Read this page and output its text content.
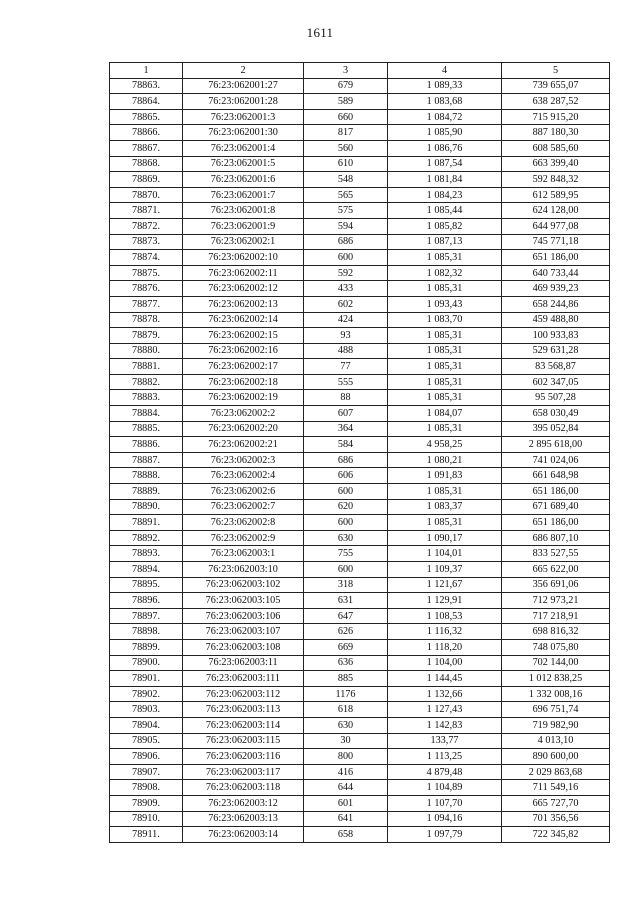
1611
1	2	3	4	5
78863.	76:23:062001:27	679	1 089,33	739 655,07
78864.	76:23:062001:28	589	1 083,68	638 287,52
78865.	76:23:062001:3	660	1 084,72	715 915,20
78866.	76:23:062001:30	817	1 085,90	887 180,30
78867.	76:23:062001:4	560	1 086,76	608 585,60
78868.	76:23:062001:5	610	1 087,54	663 399,40
78869.	76:23:062001:6	548	1 081,84	592 848,32
78870.	76:23:062001:7	565	1 084,23	612 589,95
78871.	76:23:062001:8	575	1 085,44	624 128,00
78872.	76:23:062001:9	594	1 085,82	644 977,08
78873.	76:23:062002:1	686	1 087,13	745 771,18
78874.	76:23:062002:10	600	1 085,31	651 186,00
78875.	76:23:062002:11	592	1 082,32	640 733,44
78876.	76:23:062002:12	433	1 085,31	469 939,23
78877.	76:23:062002:13	602	1 093,43	658 244,86
78878.	76:23:062002:14	424	1 083,70	459 488,80
78879.	76:23:062002:15	93	1 085,31	100 933,83
78880.	76:23:062002:16	488	1 085,31	529 631,28
78881.	76:23:062002:17	77	1 085,31	83 568,87
78882.	76:23:062002:18	555	1 085,31	602 347,05
78883.	76:23:062002:19	88	1 085,31	95 507,28
78884.	76:23:062002:2	607	1 084,07	658 030,49
78885.	76:23:062002:20	364	1 085,31	395 052,84
78886.	76:23:062002:21	584	4 958,25	2 895 618,00
78887.	76:23:062002:3	686	1 080,21	741 024,06
78888.	76:23:062002:4	606	1 091,83	661 648,98
78889.	76:23:062002:6	600	1 085,31	651 186,00
78890.	76:23:062002:7	620	1 083,37	671 689,40
78891.	76:23:062002:8	600	1 085,31	651 186,00
78892.	76:23:062002:9	630	1 090,17	686 807,10
78893.	76:23:062003:1	755	1 104,01	833 527,55
78894.	76:23:062003:10	600	1 109,37	665 622,00
78895.	76:23:062003:102	318	1 121,67	356 691,06
78896.	76:23:062003:105	631	1 129,91	712 973,21
78897.	76:23:062003:106	647	1 108,53	717 218,91
78898.	76:23:062003:107	626	1 116,32	698 816,32
78899.	76:23:062003:108	669	1 118,20	748 075,80
78900.	76:23:062003:11	636	1 104,00	702 144,00
78901.	76:23:062003:111	885	1 144,45	1 012 838,25
78902.	76:23:062003:112	1176	1 132,66	1 332 008,16
78903.	76:23:062003:113	618	1 127,43	696 751,74
78904.	76:23:062003:114	630	1 142,83	719 982,90
78905.	76:23:062003:115	30	133,77	4 013,10
78906.	76:23:062003:116	800	1 113,25	890 600,00
78907.	76:23:062003:117	416	4 879,48	2 029 863,68
78908.	76:23:062003:118	644	1 104,89	711 549,16
78909.	76:23:062003:12	601	1 107,70	665 727,70
78910.	76:23:062003:13	641	1 094,16	701 356,56
78911.	76:23:062003:14	658	1 097,79	722 345,82
